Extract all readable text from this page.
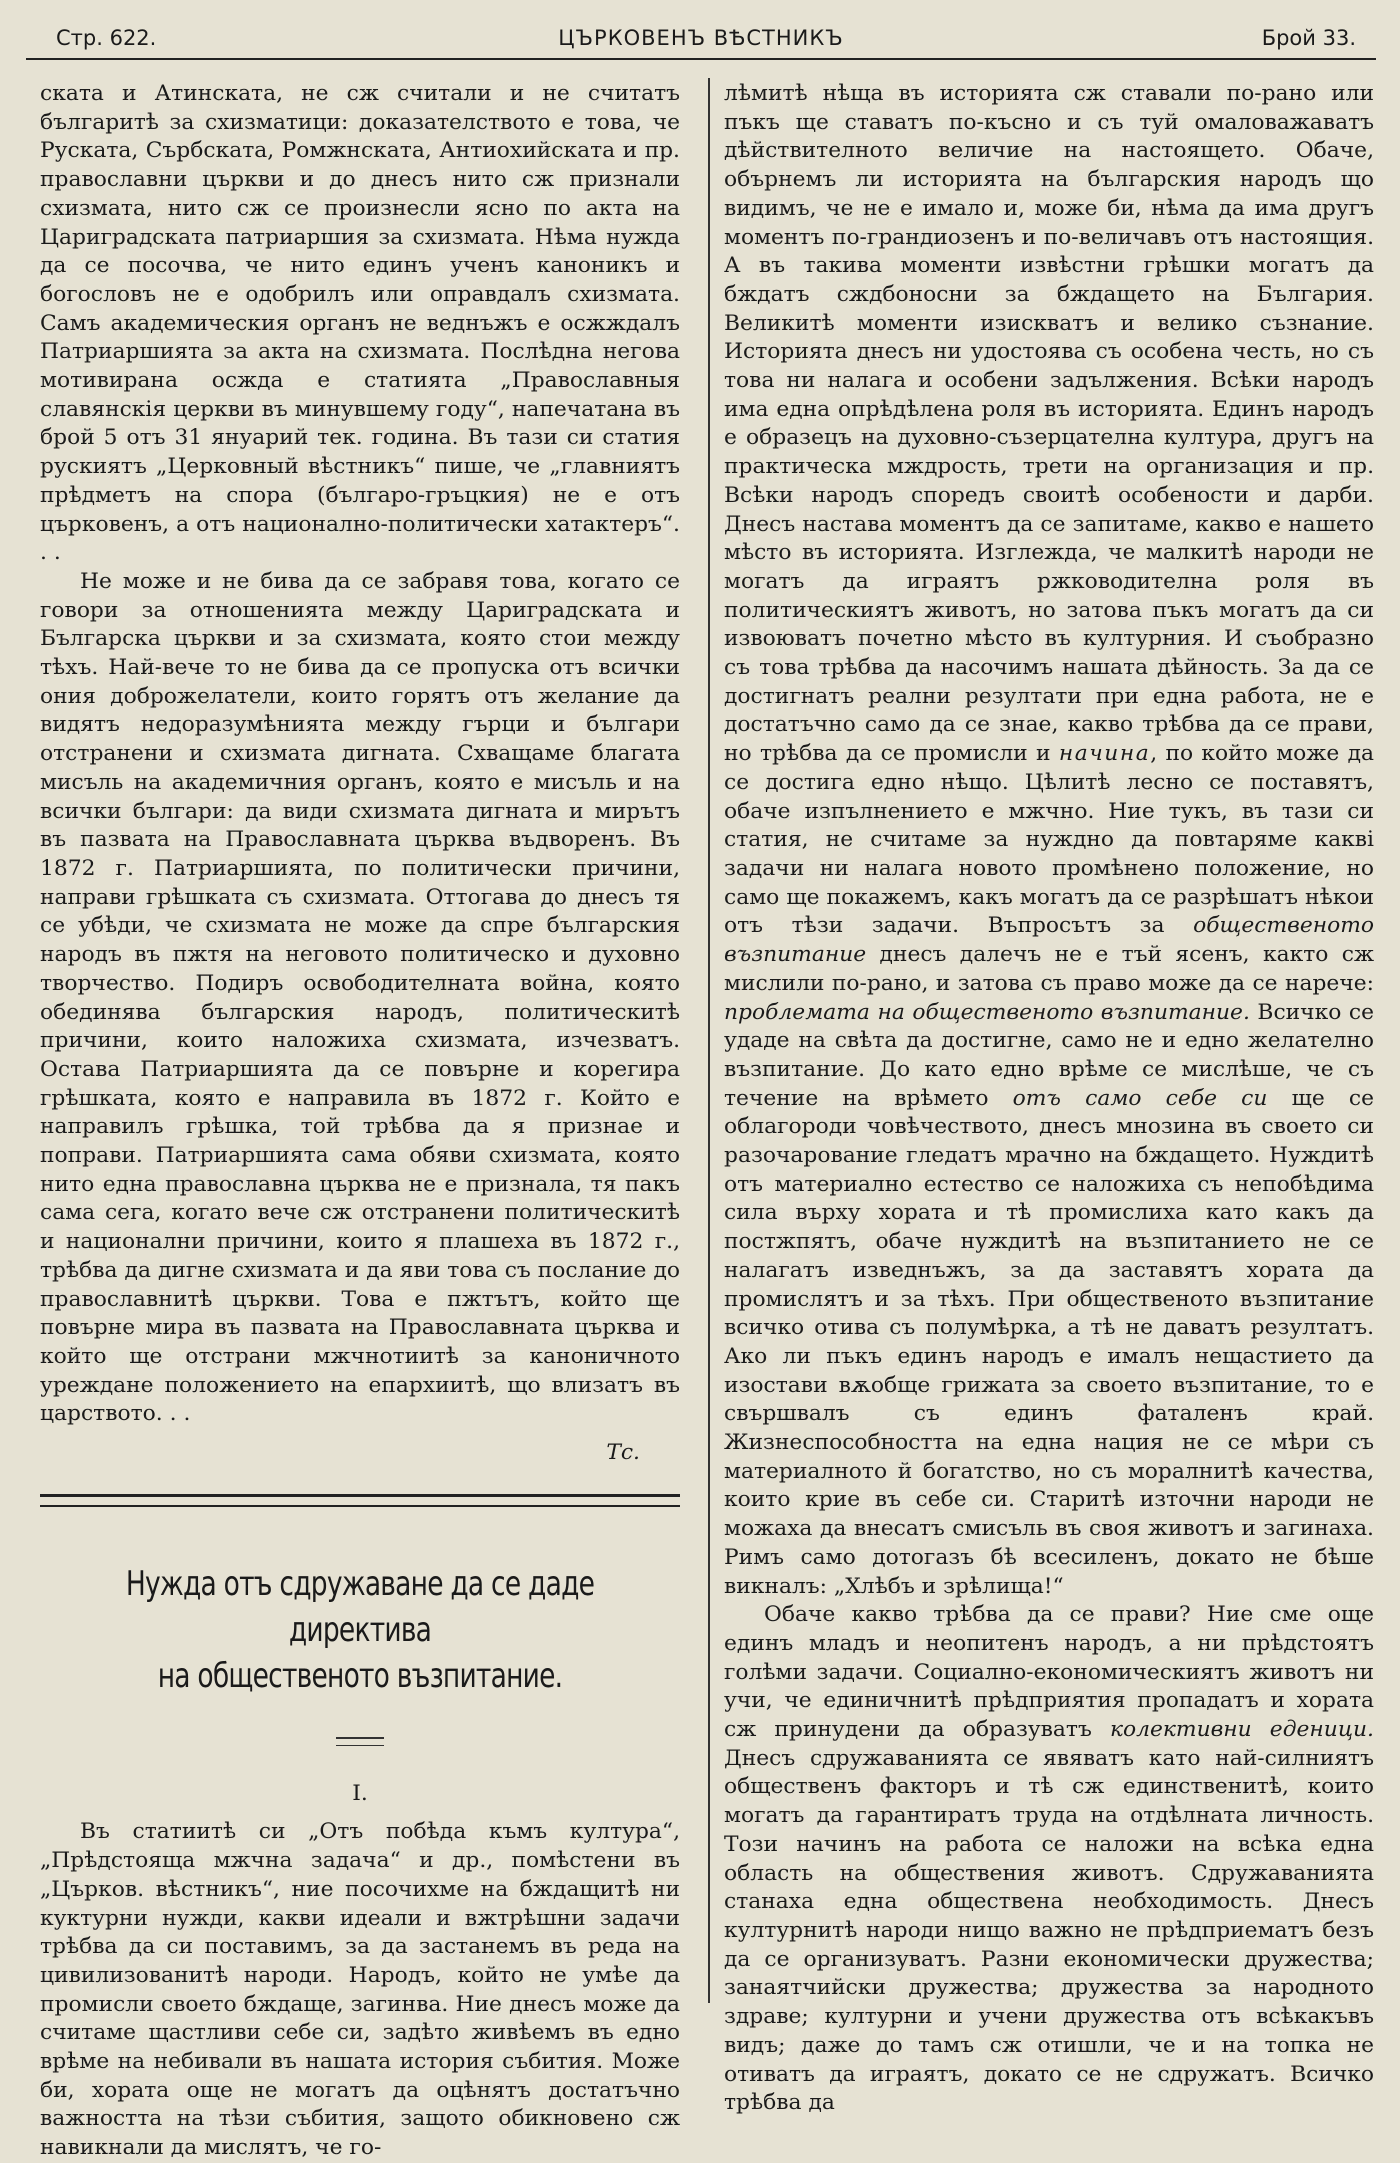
Стр. 622.	ЦЪРКОВЕНЪ ВѢСТНИКЪ	Брой 33.

ската и Атинската, не сж считали и не считатъ българитѣ за схизматици: доказателството е това, че Руската, Сърбската, Ромжнската, Антиохийската и пр. православни църкви и до днесъ нито сж признали схизмата, нито сж се произнесли ясно по акта на Цариградската патриаршия за схизмата. Нѣма нужда да се посочва, че нито единъ ученъ каноникъ и богословъ не е одобрилъ или оправдалъ схизмата. Самъ академическия органъ не веднъжъ е осжждалъ Патриаршията за акта на схизмата. Послѣдна негова мотивирана осжда е статията „Православныя славянскiя церкви въ минувшему году“, напечатана въ брой 5 отъ 31 януарий тек. година. Въ тази си статия рускиятъ „Церковный вѣстникъ“ пише, че „главниятъ прѣдметъ на спора (българо-гръцкия) не е отъ църковенъ, а отъ национално-политически хатактеръ“. . .

Не може и не бива да се забравя това, когато се говори за отношенията между Цариградската и Българска църкви и за схизмата, която стои между тѣхъ. Най-вече то не бива да се пропуска отъ всички ония доброжелатели, които горятъ отъ желание да видятъ недоразумѣнията между гърци и българи отстранени и схизмата дигната. Схващаме благата мисъль на академичния органъ, която е мисъль и на всички българи: да види схизмата дигната и мирътъ въ пазвата на Православната църква въдворенъ. Въ 1872 г. Патриаршията, по политически причини, направи грѣшката съ схизмата. Оттогава до днесъ тя се убѣди, че схизмата не може да спре българския народъ въ пжтя на неговото политическо и духовно творчество. Подиръ освободителната война, която обединява българския народъ, политическитѣ причини, които наложиха схизмата, изчезватъ. Остава Патриаршията да се повърне и корегира грѣшката, която е направила въ 1872 г. Който е направилъ грѣшка, той трѣбва да я признае и поправи. Патриаршията сама обяви схизмата, която нито една православна църква не е признала, тя пакъ сама сега, когато вече сж отстранени политическитѣ и национални причини, които я плашеха въ 1872 г., трѣбва да дигне схизмата и да яви това съ послание до православнитѣ църкви. Това е пжтътъ, който ще повърне мира въ пазвата на Православната църква и който ще отстрани мжчнотиитѣ за каноничното уреждане положението на епархиитѣ, що влизатъ въ царството. . .

Тс.

Нужда отъ сдружаване да се даде директива
на общественото възпитание.

I.

Въ статиитѣ си „Отъ побѣда къмъ култура“, „Прѣдстояща мжчна задача“ и др., помѣстени въ „Църков. вѣстникъ“, ние посочихме на бждащитѣ ни куктурни нужди, какви идеали и вжтрѣшни задачи трѣбва да си поставимъ, за да застанемъ въ реда на цивилизованитѣ народи. Народъ, който не умѣе да промисли своето бждаще, загинва. Ние днесъ може да считаме щастливи себе си, задѣто живѣемъ въ едно врѣме на небивали въ нашата история събития. Може би, хората още не могатъ да оцѣнятъ достатъчно важността на тѣзи събития, защото обикновено сж навикнали да мислятъ, че го-

лѣмитѣ нѣща въ историята сж ставали по-рано или пъкъ ще ставатъ по-късно и съ туй омаловажаватъ дѣйствителното величие на настоящето. Обаче, обърнемъ ли историята на българския народъ що видимъ, че не е имало и, може би, нѣма да има другъ моментъ по-грандиозенъ и по-величавъ отъ настоящия. А въ такива моменти извѣстни грѣшки могатъ да бждатъ сждбоносни за бждащето на България. Великитѣ моменти изискватъ и велико съзнание. Историята днесъ ни удостоява съ особена честь, но съ това ни налага и особени задължения. Всѣки народъ има една опрѣдѣлена роля въ историята. Единъ народъ е образецъ на духовно-съзерцателна култура, другъ на практическа мждрость, трети на организация и пр. Всѣки народъ споредъ своитѣ особености и дарби. Днесъ настава моментъ да се запитаме, какво е нашето мѣсто въ историята. Изглежда, че малкитѣ народи не могатъ да играятъ ржководителна роля въ политическиятъ животъ, но затова пъкъ могатъ да си извоюватъ почетно мѣсто въ културния. И съобразно съ това трѣбва да насочимъ нашата дѣйность. За да се достигнатъ реални резултати при една работа, не е достатъчно само да се знае, какво трѣбва да се прави, но трѣбва да се промисли и начина, по който може да се достига едно нѣщо. Цѣлитѣ лесно се поставятъ, обаче изпълнението е мжчно. Ние тукъ, въ тази си статия, не считаме за нуждно да повтаряме каквi задачи ни налага новото промѣнено положение, но само ще покажемъ, какъ могатъ да се разрѣшатъ нѣкои отъ тѣзи задачи. Въпросътъ за общественото възпитание днесъ далечъ не е тъй ясенъ, както сж мислили по-рано, и затова съ право може да се нарече: проблемата на общественото възпитание. Всичко се удаде на свѣта да достигне, само не и едно желателно възпитание. До като едно врѣме се мислѣше, че съ течение на врѣмето отъ само себе си ще се облагороди човѣчеството, днесъ мнозина въ своето си разочарование гледатъ мрачно на бждащето. Нуждитѣ отъ материално естество се наложиха съ непобѣдима сила върху хората и тѣ промислиха като какъ да постжпятъ, обаче нуждитѣ на възпитанието не се налагатъ изведнъжъ, за да заставятъ хората да промислятъ и за тѣхъ. При общественото възпитание всичко отива съ полумѣрка, а тѣ не даватъ резултатъ. Ако ли пъкъ единъ народъ е ималъ нещастието да изостави вѫобще грижата за своето възпитание, то е свършвалъ съ единъ фаталенъ край. Жизнеспособността на една нация не се мѣри съ материалното й богатство, но съ моралнитѣ качества, които крие въ себе си. Старитѣ източни народи не можаха да внесатъ смисъль въ своя животъ и загинаха. Римъ само дотогазъ бѣ всесиленъ, докато не бѣше викналъ: „Хлѣбъ и зрѣлища!“

Обаче какво трѣбва да се прави? Ние сме още единъ младъ и неопитенъ народъ, а ни прѣдстоятъ голѣми задачи. Социално-економическиятъ животъ ни учи, че единичнитѣ прѣдприятия пропадатъ и хората сж принудени да образуватъ колективни еденици. Днесъ сдружаванията се явяватъ като най-силниятъ общественъ факторъ и тѣ сж единственитѣ, които могатъ да гарантиратъ труда на отдѣлната личность. Този начинъ на работа се наложи на всѣка една область на обществения животъ. Сдружаванията станаха една обществена необходимость. Днесъ културнитѣ народи нищо важно не прѣдприематъ безъ да се организуватъ. Разни економически дружества; занаятчийски дружества; дружества за народното здраве; културни и учени дружества отъ всѣкакъвъ видъ; даже до тамъ сж отишли, че и на топка не отиватъ да играятъ, докато се не сдружатъ. Всичко трѣбва да
